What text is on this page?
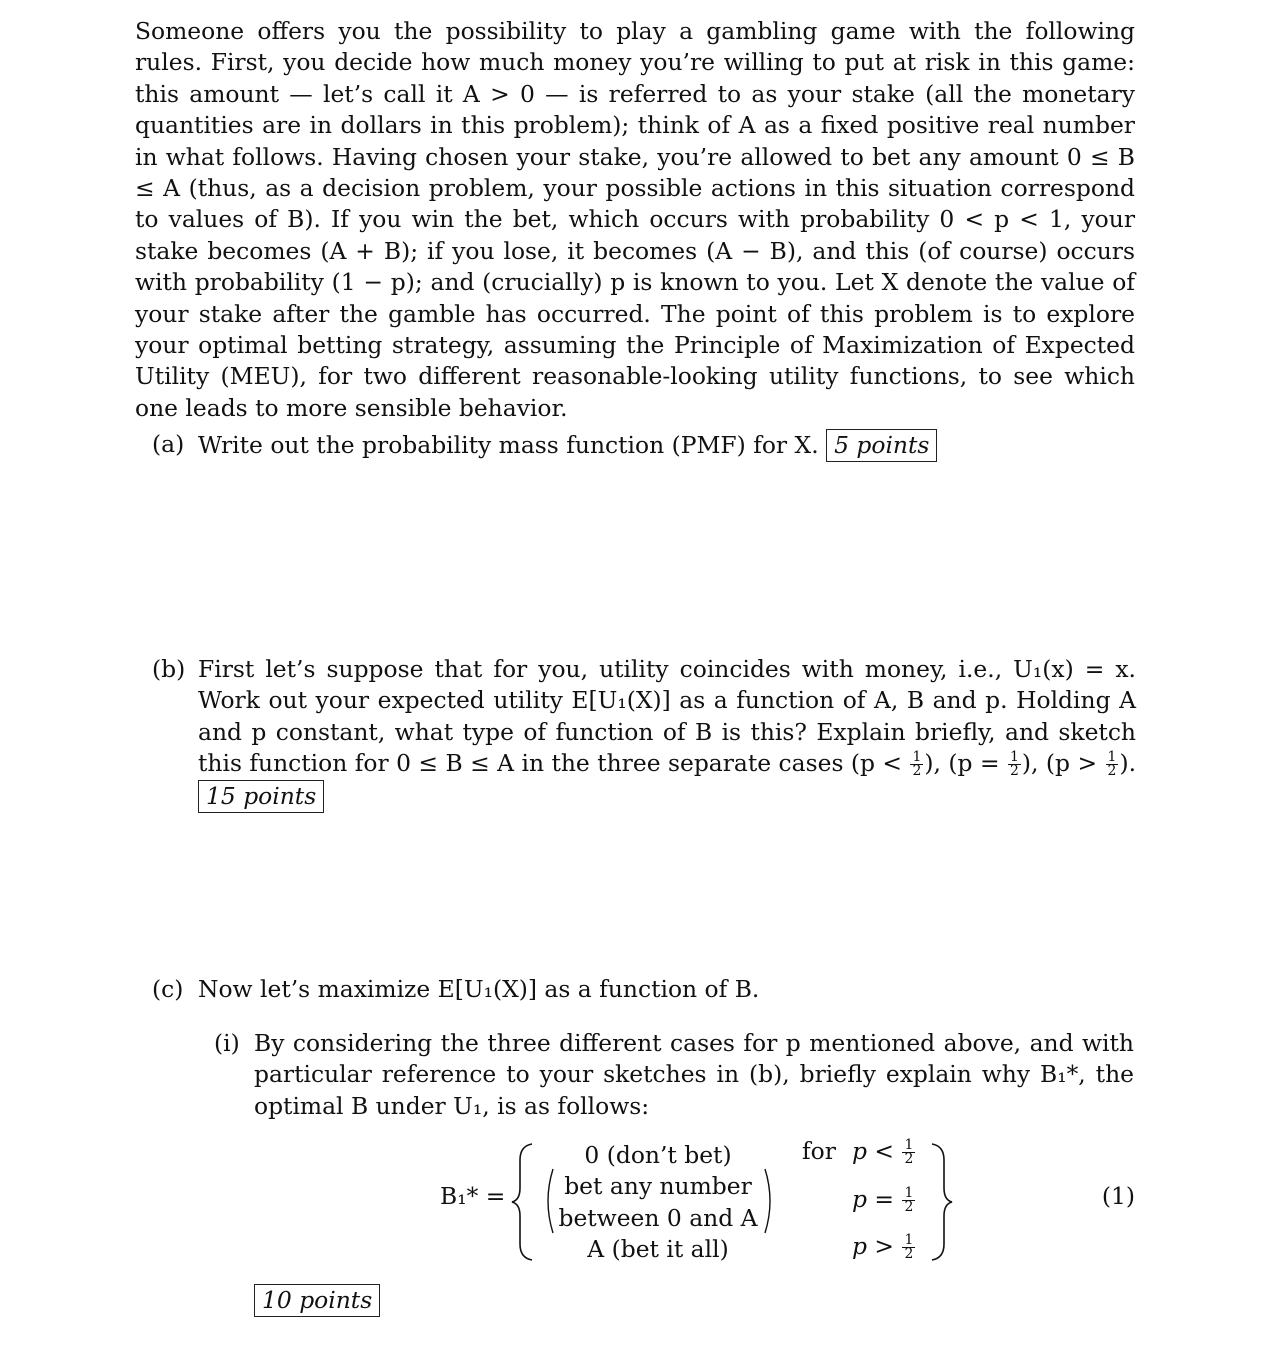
Someone offers you the possibility to play a gambling game with the following rules. First, you decide how much money you’re willing to put at risk in this game: this amount — let’s call it A > 0 — is referred to as your stake (all the monetary quantities are in dollars in this problem); think of A as a fixed positive real number in what follows. Having chosen your stake, you’re allowed to bet any amount 0 ≤ B ≤ A (thus, as a decision problem, your possible actions in this situation correspond to values of B). If you win the bet, which occurs with probability 0 < p < 1, your stake becomes (A + B); if you lose, it becomes (A − B), and this (of course) occurs with probability (1 − p); and (crucially) p is known to you. Let X denote the value of your stake after the gamble has occurred. The point of this problem is to explore your optimal betting strategy, assuming the Principle of Maximization of Expected Utility (MEU), for two different reasonable-looking utility functions, to see which one leads to more sensible behavior.
(a) Write out the probability mass function (PMF) for X. 5 points
(b) First let’s suppose that for you, utility coincides with money, i.e., U₁(x) = x. Work out your expected utility E[U₁(X)] as a function of A, B and p. Holding A and p constant, what type of function of B is this? Explain briefly, and sketch this function for 0 ≤ B ≤ A in the three separate cases ($p < \frac{1}{2}$ ), ($p = \frac{1}{2}$ ), ($p > \frac{1}{2}$ ). 15 points
(c) Now let’s maximize E[U₁(X)] as a function of B.
(i) By considering the three different cases for p mentioned above, and with particular reference to your sketches in (b), briefly explain why B₁*, the optimal B under U₁, is as follows:
B₁* =
0 (don’t bet)
bet any number
between 0 and A
A (bet it all)
for $p < \frac{1}{2}$
$p = \frac{1}{2}$
$p > \frac{1}{2}$
(1)
10 points
